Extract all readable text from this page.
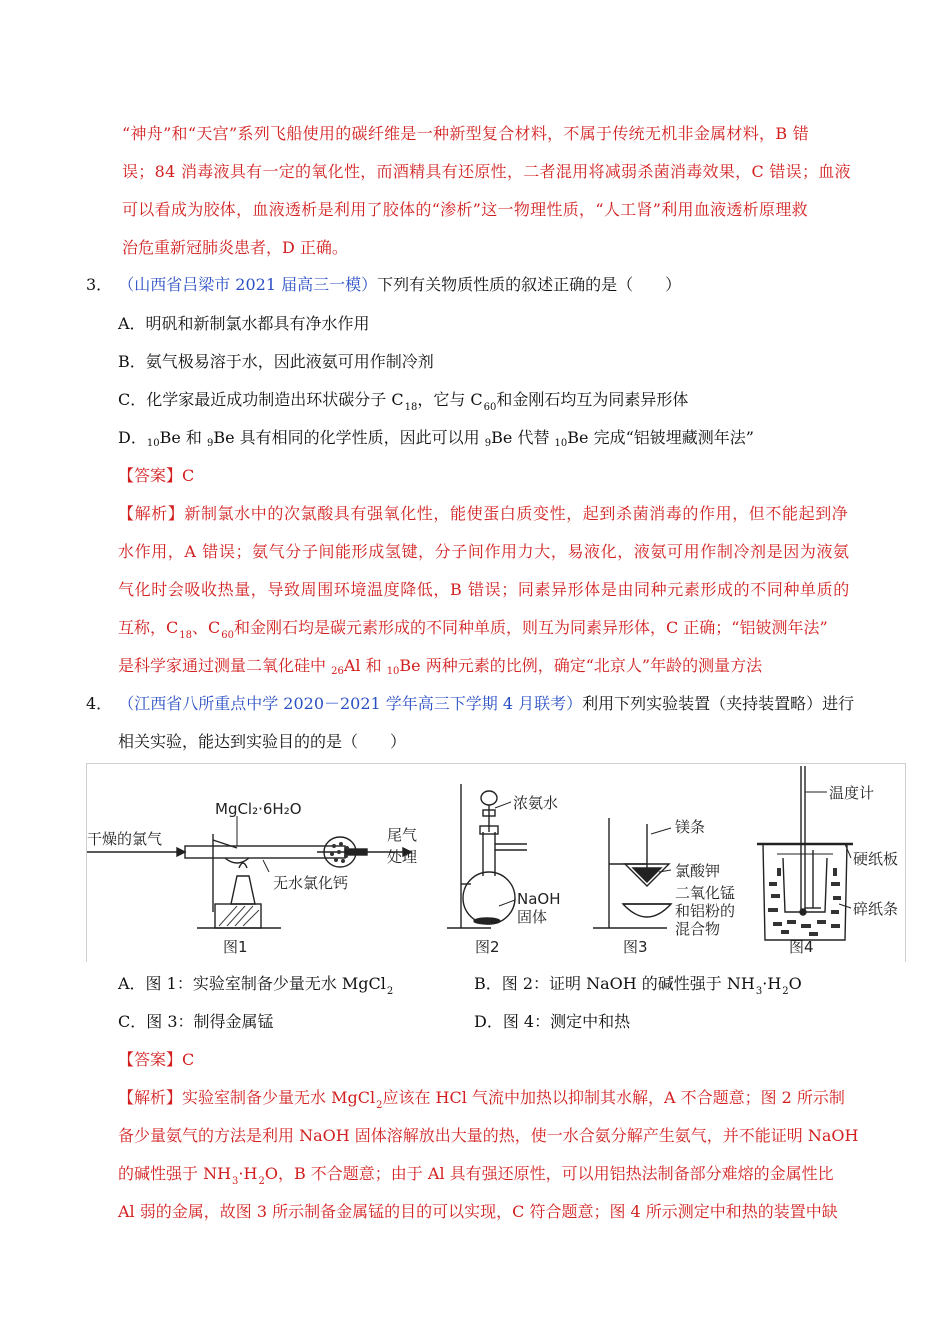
“神舟”和“天宫”系列飞船使用的碳纤维是一种新型复合材料，不属于传统无机非金属材料，B 错
误；84 消毒液具有一定的氧化性，而酒精具有还原性，二者混用将减弱杀菌消毒效果，C 错误；血液
可以看成为胶体，血液透析是利用了胶体的“渗析”这一物理性质，“人工肾”利用血液透析原理救
治危重新冠肺炎患者，D 正确。
3． （山西省吕梁市 2021 届高三一模）下列有关物质性质的叙述正确的是（　　）
A．明矾和新制氯水都具有净水作用
B．氨气极易溶于水，因此液氨可用作制冷剂
C．化学家最近成功制造出环状碳分子 $C_{18}$，它与 $C_{60}$和金刚石均互为同素异形体
D．10Be 和 9Be 具有相同的化学性质，因此可以用 9Be 代替 10Be 完成“铝铍埋藏测年法”
【答案】C
【解析】新制氯水中的次氯酸具有强氧化性，能使蛋白质变性，起到杀菌消毒的作用，但不能起到净
水作用，A 错误；氨气分子间能形成氢键，分子间作用力大，易液化，液氨可用作制冷剂是因为液氨
气化时会吸收热量，导致周围环境温度降低，B 错误；同素异形体是由同种元素形成的不同种单质的
互称，$C_{18}$、$C_{60}$和金刚石均是碳元素形成的不同种单质，则互为同素异形体，C 正确；“铝铍测年法”
是科学家通过测量二氧化硅中 26Al 和 10Be 两种元素的比例，确定“北京人”年龄的测量方法
4． （江西省八所重点中学 2020－2021 学年高三下学期 4 月联考）利用下列实验装置（夹持装置略）进行
相关实验，能达到实验目的的是（　　）
干燥的氯气
MgCl₂·6H₂O
尾气
处理
无水氯化钙
图1
浓氨水
NaOH
固体
图2
镁条
氯酸钾
二氧化锰
和铝粉的
混合物
图3
温度计
硬纸板
碎纸条
图4
A．图 1：实验室制备少量无水 MgCl$_2$	B．图 2：证明 NaOH 的碱性强于 $NH_3\cdot H_2O$
C．图 3：制得金属锰	D．图 4：测定中和热
【答案】C
【解析】实验室制备少量无水 MgCl$_2$应该在 HCl 气流中加热以抑制其水解，A 不合题意；图 2 所示制
备少量氨气的方法是利用 NaOH 固体溶解放出大量的热，使一水合氨分解产生氨气，并不能证明 NaOH
的碱性强于 $NH_3\cdot H_2O$，B 不合题意；由于 Al 具有强还原性，可以用铝热法制备部分难熔的金属性比
Al 弱的金属，故图 3 所示制备金属锰的目的可以实现，C 符合题意；图 4 所示测定中和热的装置中缺
